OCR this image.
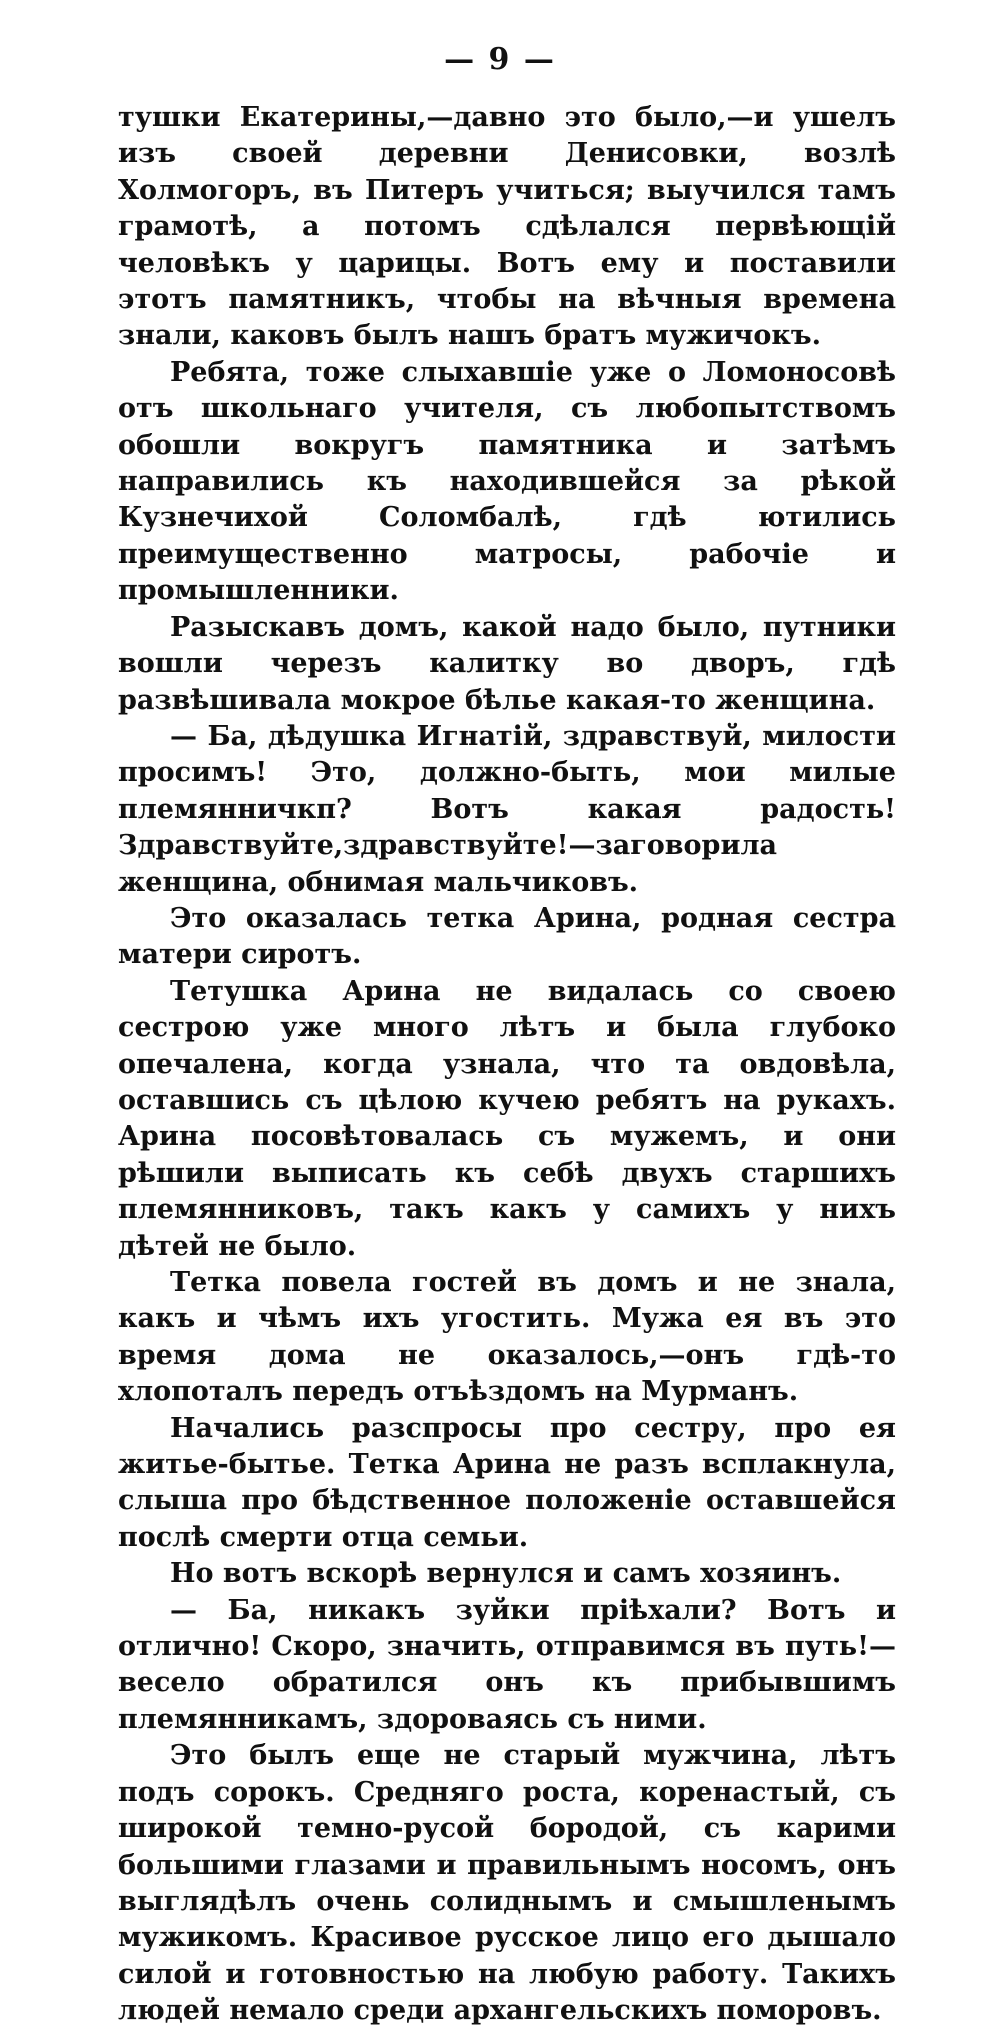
— 9 —

тушки Екатерины,—давно это было,—и ушелъ изъ своей деревни Денисовки, возлѣ Холмогоръ, въ Питеръ учиться; выучился тамъ грамотѣ, а потомъ сдѣлался первѣющій человѣкъ у царицы. Вотъ ему и поставили этотъ памятникъ, чтобы на вѣчныя времена знали, каковъ былъ нашъ братъ мужичокъ.

Ребята, тоже слыхавшіе уже о Ломоносовѣ отъ школьнаго учителя, съ любопытствомъ обошли вокругъ памятника и затѣмъ направились къ находившейся за рѣкой Кузнечихой Соломбалѣ, гдѣ ютились преимущественно матросы, рабочіе и промышленники.

Разыскавъ домъ, какой надо было, путники вошли черезъ калитку во дворъ, гдѣ развѣшивала мокрое бѣлье какая-то женщина.

— Ба, дѣдушка Игнатій, здравствуй, милости просимъ! Это, должно-быть, мои милые племянничкп? Вотъ какая радость! Здравствуйте,здравствуйте!—заговорила женщина, обнимая мальчиковъ.

Это оказалась тетка Арина, родная сестра матери сиротъ.

Тетушка Арина не видалась со своею сестрою уже много лѣтъ и была глубоко опечалена, когда узнала, что та овдовѣла, оставшись съ цѣлою кучею ребятъ на рукахъ. Арина посовѣтовалась съ мужемъ, и они рѣшили выписать къ себѣ двухъ старшихъ племянниковъ, такъ какъ у самихъ у нихъ дѣтей не было.

Тетка повела гостей въ домъ и не знала, какъ и чѣмъ ихъ угостить. Мужа ея въ это время дома не оказалось,—онъ гдѣ-то хлопоталъ передъ отъѣздомъ на Мурманъ.

Начались разспросы про сестру, про ея житье-бытье. Тетка Арина не разъ всплакнула, слыша про бѣдственное положеніе оставшейся послѣ смерти отца семьи.

Но вотъ вскорѣ вернулся и самъ хозяинъ.

— Ба, никакъ зуйки пріѣхали? Вотъ и отлично! Скоро, значить, отправимся въ путь!—весело обратился онъ къ прибывшимъ племянникамъ, здороваясь съ ними.

Это былъ еще не старый мужчина, лѣтъ подъ сорокъ. Средняго роста, коренастый, съ широкой темно-русой бородой, съ карими большими глазами и правильнымъ носомъ, онъ выглядѣлъ очень солиднымъ и смышленымъ мужикомъ. Красивое русское лицо его дышало силой и готовностью на любую работу. Такихъ людей немало среди архангельскихъ поморовъ.
